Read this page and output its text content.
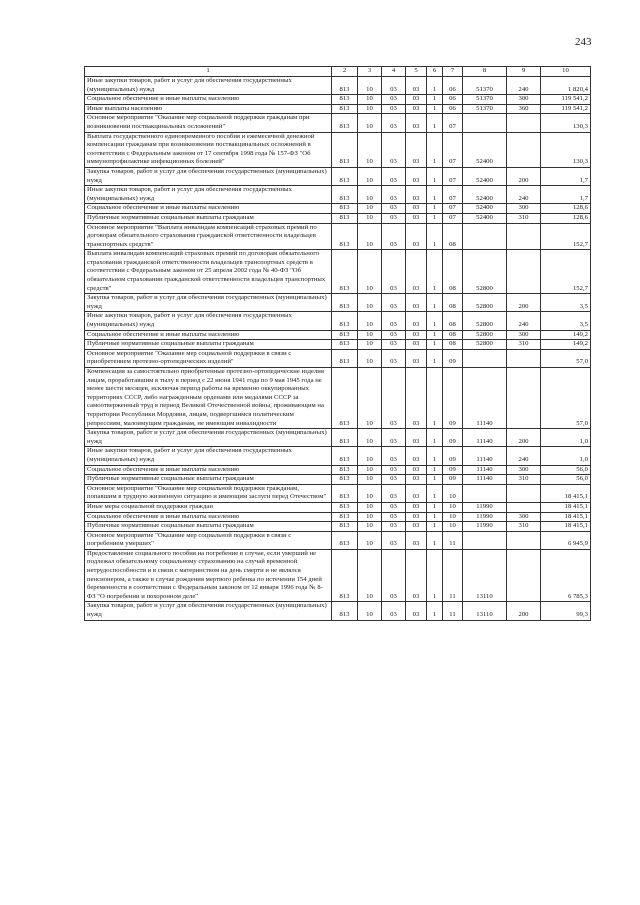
243
1	2	3	4	5	6	7	8	9	10
Иные закупки товаров, работ и услуг для обеспечения государственных (муниципальных) нужд	813	10	03	03	1	06	51370	240	1 820,4
Социальное обеспечение и иные выплаты населению	813	10	03	03	1	06	51370	300	119 541,2
Иные выплаты населению	813	10	03	03	1	06	51370	360	119 541,2
Основное мероприятие "Оказание мер социальной поддержки гражданам при возникновении поствакцинальных осложнений"	813	10	03	03	1	07			130,3
Выплата государственного единовременного пособия и ежемесячной денежной компенсации гражданам при возникновении поствакцинальных осложнений в соответствии с Федеральным законом от 17 сентября 1998 года № 157-ФЗ "Об иммунопрофилактике инфекционных болезней"	813	10	03	03	1	07	52400		130,3
Закупка товаров, работ и услуг для обеспечения государственных (муниципальных) нужд	813	10	03	03	1	07	52400	200	1,7
Иные закупки товаров, работ и услуг для обеспечения государственных (муниципальных) нужд	813	10	03	03	1	07	52400	240	1,7
Социальное обеспечение и иные выплаты населению	813	10	03	03	1	07	52400	300	128,6
Публичные нормативные социальные выплаты гражданам	813	10	03	03	1	07	52400	310	128,6
Основное мероприятие "Выплата инвалидам компенсаций страховых премий по договорам обязательного страхования гражданской ответственности владельцев транспортных средств"	813	10	03	03	1	08			152,7
Выплата инвалидам компенсаций страховых премий по договорам обязательного страхования гражданской ответственности владельцев транспортных средств в соответствии с Федеральным законом от 25 апреля 2002 года № 40-ФЗ "Об обязательном страховании гражданской ответственности владельцев транспортных средств"	813	10	03	03	1	08	52800		152,7
Закупка товаров, работ и услуг для обеспечения государственных (муниципальных) нужд	813	10	03	03	1	08	52800	200	3,5
Иные закупки товаров, работ и услуг для обеспечения государственных (муниципальных) нужд	813	10	03	03	1	08	52800	240	3,5
Социальное обеспечение и иные выплаты населению	813	10	03	03	1	08	52800	300	149,2
Публичные нормативные социальные выплаты гражданам	813	10	03	03	1	08	52800	310	149,2
Основное мероприятие "Оказание мер социальной поддержки в связи с приобретением протезно-ортопедических изделий"	813	10	03	03	1	09			57,0
Компенсация за самостоятельно приобретенные протезно-ортопедические изделия лицам, проработавшим в тылу в период с 22 июня 1941 года по 9 мая 1945 года не менее шести месяцев, исключая период работы на временно оккупированных территориях СССР, либо награжденным орденами или медалями СССР за самоотверженный труд в период Великой Отечественной войны, проживающим на территории Республики Мордовия, лицам, подвергшимся политическим репрессиям, малоимущим гражданам, не имеющим инвалидности	813	10	03	03	1	09	11140		57,0
Закупка товаров, работ и услуг для обеспечения государственных (муниципальных) нужд	813	10	03	03	1	09	11140	200	1,0
Иные закупки товаров, работ и услуг для обеспечения государственных (муниципальных) нужд	813	10	03	03	1	09	11140	240	1,0
Социальное обеспечение и иные выплаты населению	813	10	03	03	1	09	11140	300	56,0
Публичные нормативные социальные выплаты гражданам	813	10	03	03	1	09	11140	310	56,0
Основное мероприятие "Оказание мер социальной поддержки гражданам, попавшим в трудную жизненную ситуацию и имеющим заслуги перед Отечеством"	813	10	03	03	1	10			18 415,1
Иные меры социальной поддержки граждан	813	10	03	03	1	10	11990		18 415,1
Социальное обеспечение и иные выплаты населению	813	10	03	03	1	10	11990	300	18 415,1
Публичные нормативные социальные выплаты гражданам	813	10	03	03	1	10	11990	310	18 415,1
Основное мероприятие "Оказание мер социальной поддержки в связи с погребением умерших"	813	10	03	03	1	11			6 945,9
Предоставление социального пособия на погребение в случае, если умерший не подлежал обязательному социальному страхованию на случай временной нетрудоспособности и в связи с материнством на день смерти и не являлся пенсионером, а также в случае рождения мертвого ребенка по истечении 154 дней беременности в соответствии с Федеральным законом от 12 января 1996 года № 8-ФЗ "О погребении и похоронном деле"	813	10	03	03	1	11	13110		6 785,3
Закупка товаров, работ и услуг для обеспечения государственных (муниципальных) нужд	813	10	03	03	1	11	13110	200	99,3
